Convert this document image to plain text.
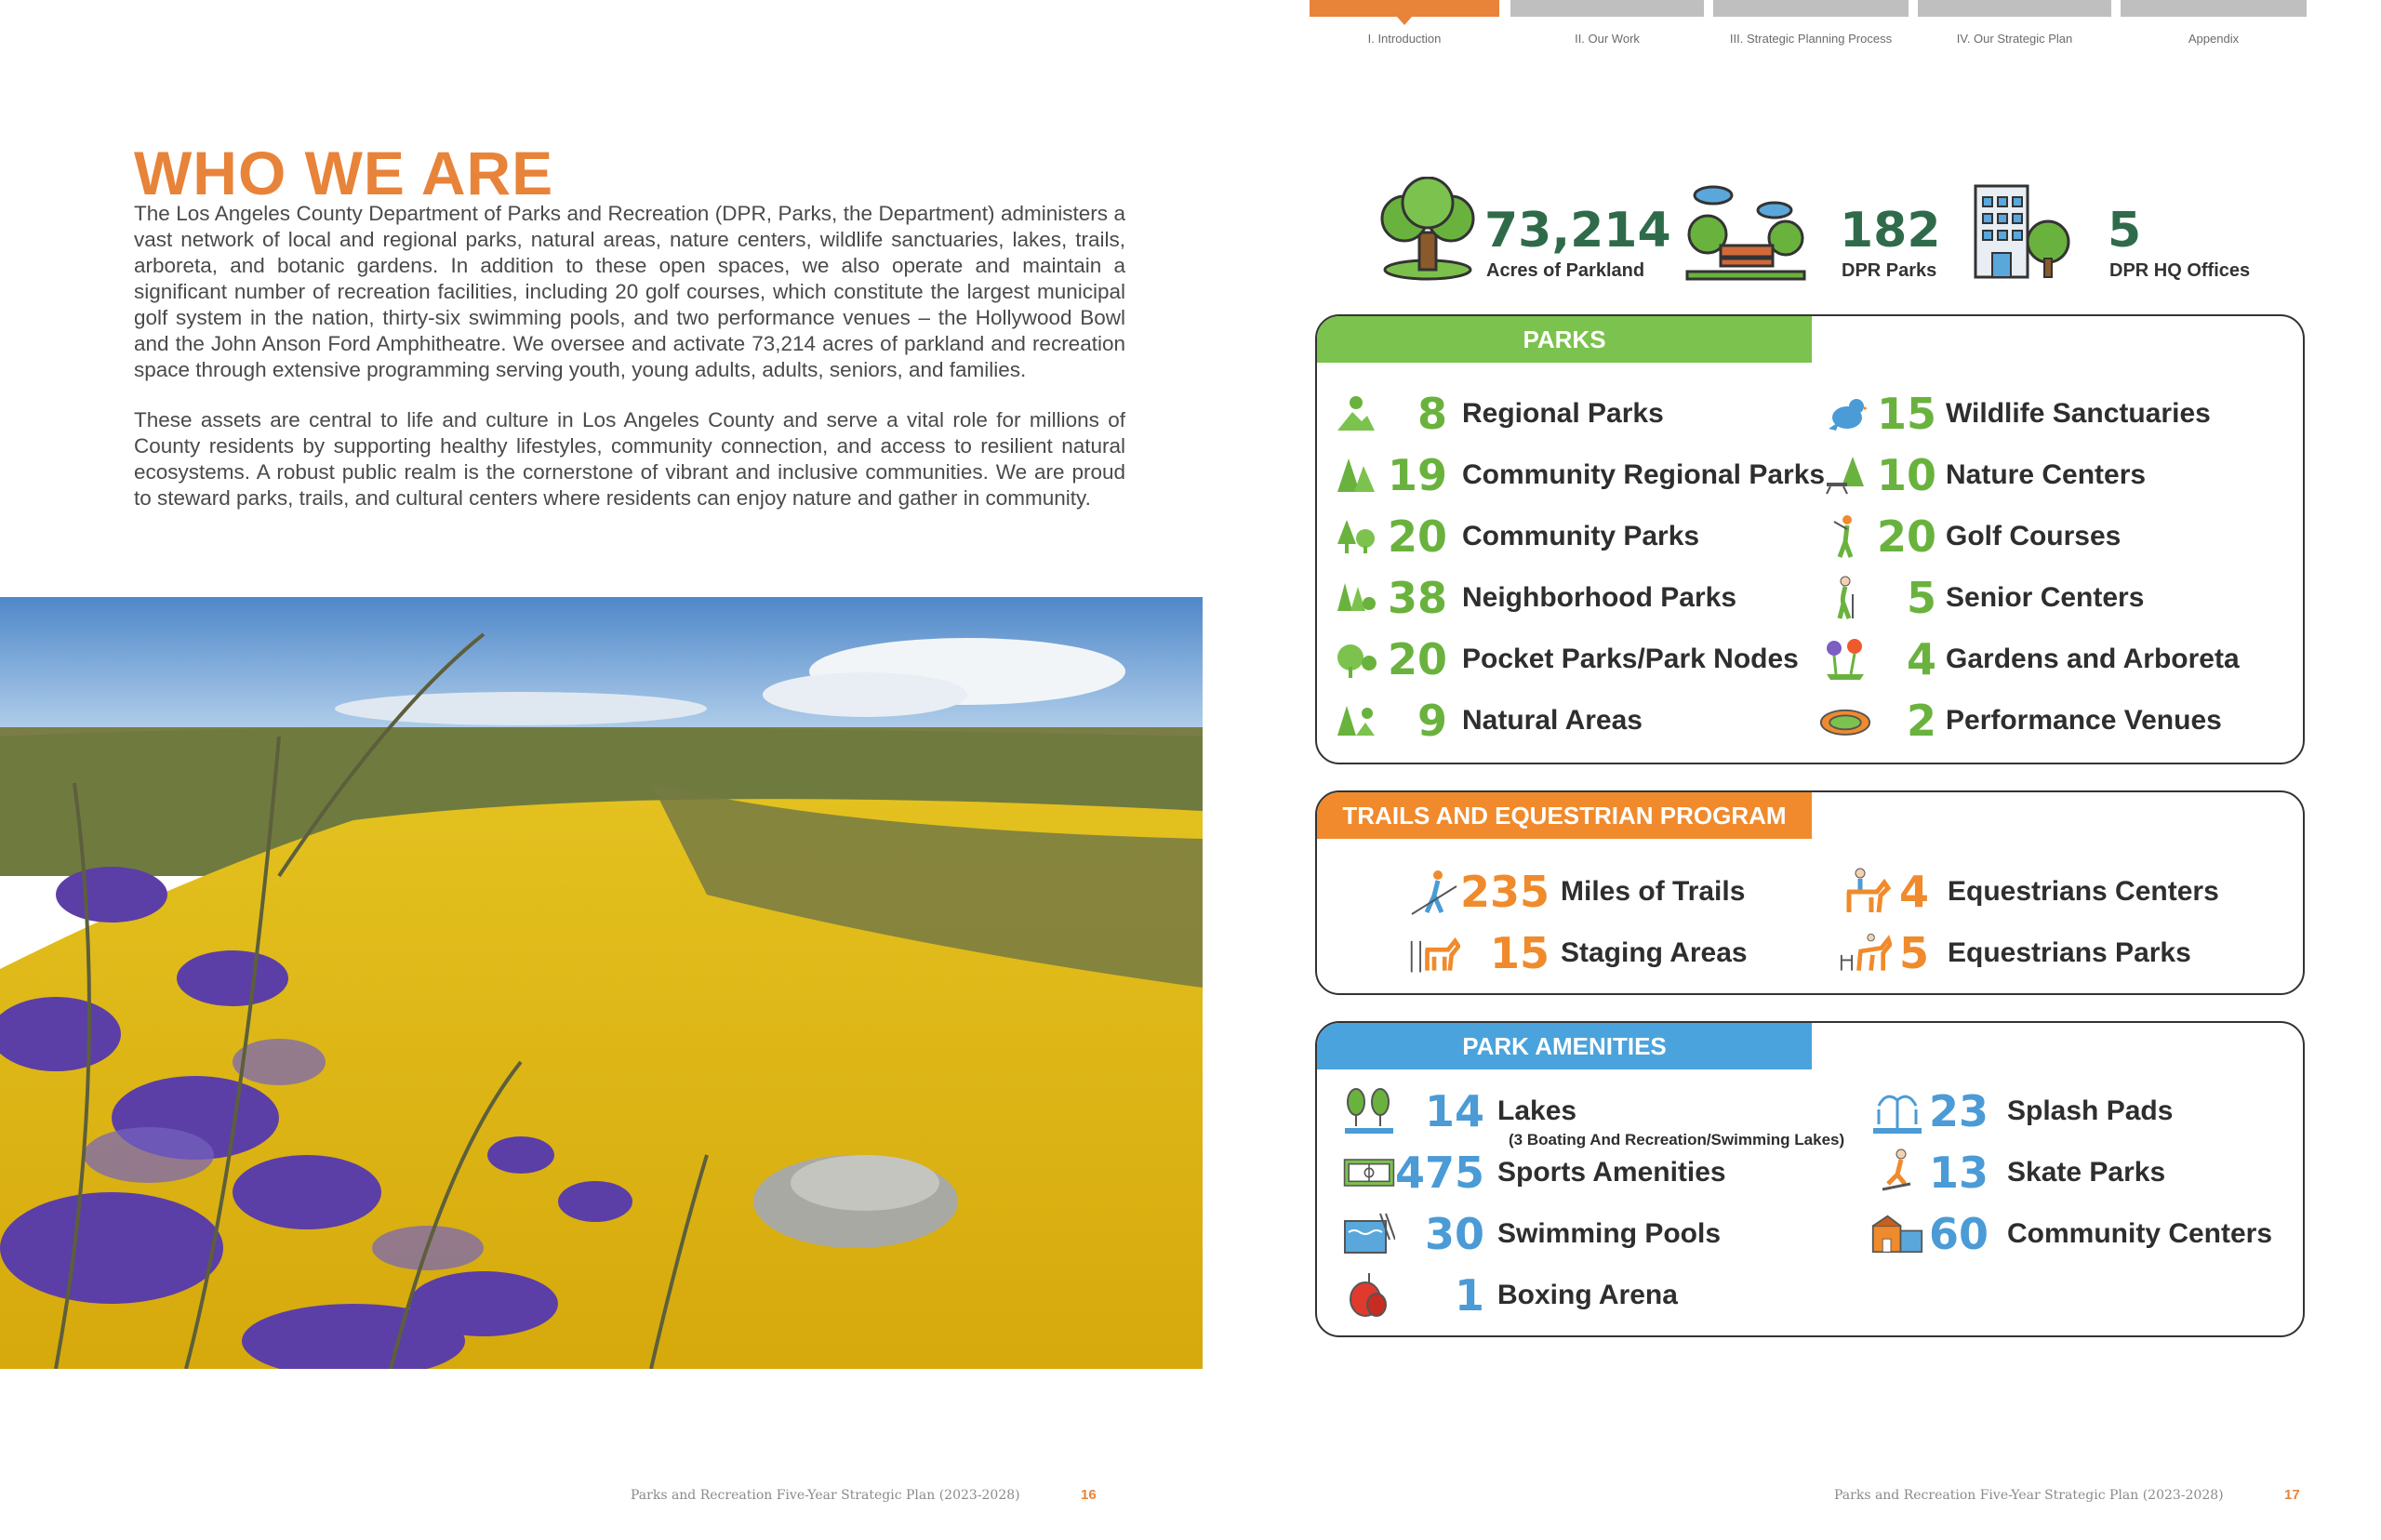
I. Introduction	II. Our Work	III. Strategic Planning Process	IV. Our Strategic Plan	Appendix
WHO WE ARE
The Los Angeles County Department of Parks and Recreation (DPR, Parks, the Department) administers a vast network of local and regional parks, natural areas, nature centers, wildlife sanctuaries, lakes, trails, arboreta, and botanic gardens. In addition to these open spaces, we also operate and maintain a significant number of recreation facilities, including 20 golf courses, which constitute the largest municipal golf system in the nation, thirty-six swimming pools, and two performance venues – the Hollywood Bowl and the John Anson Ford Amphitheatre. We oversee and activate 73,214 acres of parkland and recreation space through extensive programming serving youth, young adults, adults, seniors, and families.
These assets are central to life and culture in Los Angeles County and serve a vital role for millions of County residents by supporting healthy lifestyles, community connection, and access to resilient natural ecosystems. A robust public realm is the cornerstone of vibrant and inclusive communities. We are proud to steward parks, trails, and cultural centers where residents can enjoy nature and gather in community.
Parks and Recreation Five-Year Strategic Plan (2023-2028)	16
73,214
Acres of Parkland
182
DPR Parks
5
DPR HQ Offices
PARKS
8 Regional Parks
19 Community Regional Parks
20 Community Parks
38 Neighborhood Parks
20 Pocket Parks/Park Nodes
9 Natural Areas
15 Wildlife Sanctuaries
10 Nature Centers
20 Golf Courses
5 Senior Centers
4 Gardens and Arboreta
2 Performance Venues
TRAILS AND EQUESTRIAN PROGRAM
235 Miles of Trails
15 Staging Areas
4 Equestrians Centers
5 Equestrians Parks
PARK AMENITIES
14 Lakes
(3 Boating And Recreation/Swimming Lakes)
475 Sports Amenities
30 Swimming Pools
1 Boxing Arena
23 Splash Pads
13 Skate Parks
60 Community Centers
Parks and Recreation Five-Year Strategic Plan (2023-2028)	17
